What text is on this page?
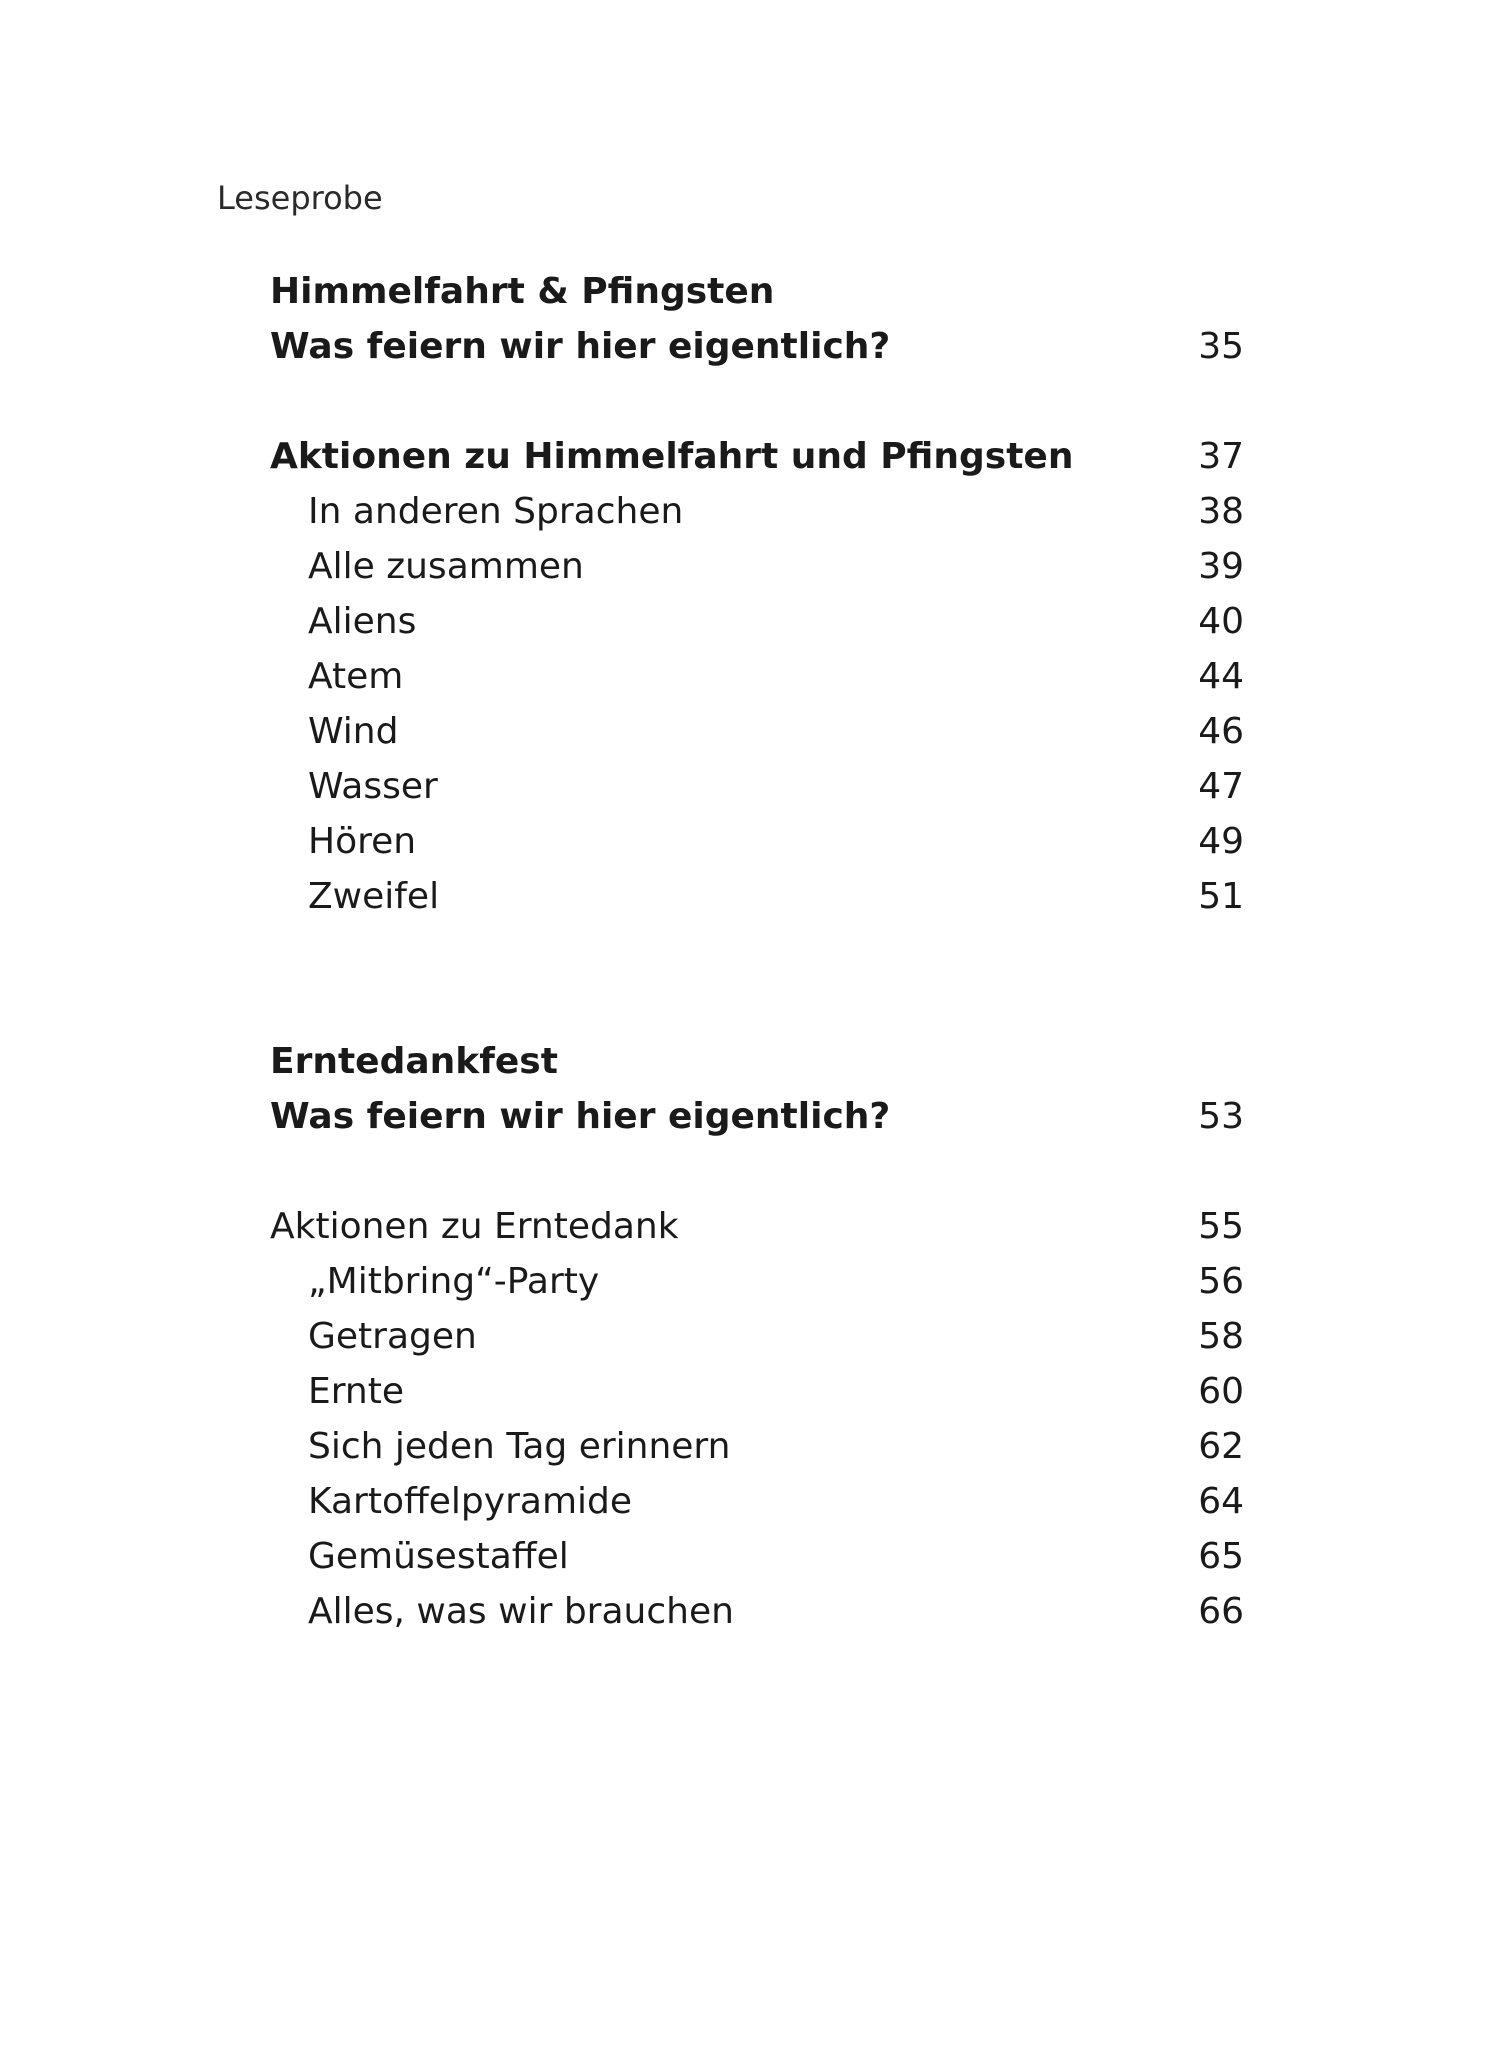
Leseprobe
Himmelfahrt & Pfingsten
Was feiern wir hier eigentlich?	35
Aktionen zu Himmelfahrt und Pfingsten	37
In anderen Sprachen	38
Alle zusammen	39
Aliens	40
Atem	44
Wind	46
Wasser	47
Hören	49
Zweifel	51
Erntedankfest
Was feiern wir hier eigentlich?	53
Aktionen zu Erntedank	55
„Mitbring“-Party	56
Getragen	58
Ernte	60
Sich jeden Tag erinnern	62
Kartoffelpyramide	64
Gemüsestaffel	65
Alles, was wir brauchen	66
